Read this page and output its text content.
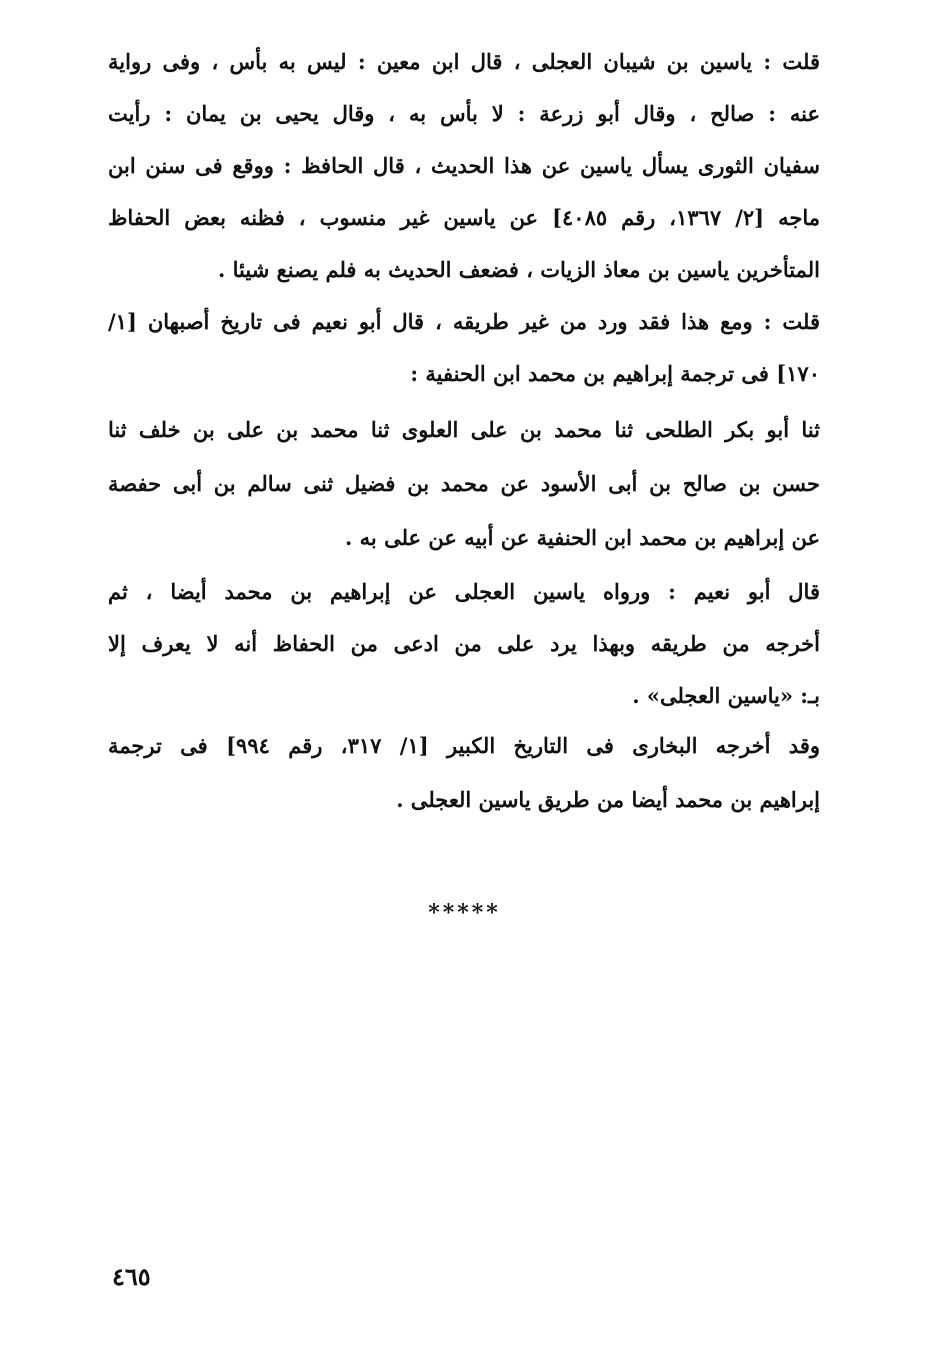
قلت : ياسين بن شيبان العجلى ، قال ابن معين : ليس به بأس ، وفى رواية
عنه : صالح ، وقال أبو زرعة : لا بأس به ، وقال يحيى بن يمان : رأيت
سفيان الثورى يسأل ياسين عن هذا الحديث ، قال الحافظ : ووقع فى سنن ابن
ماجه [٢/ ١٣٦٧، رقم ٤٠٨٥] عن ياسين غير منسوب ، فظنه بعض الحفاظ
المتأخرين ياسين بن معاذ الزيات ، فضعف الحديث به فلم يصنع شيئا .
قلت : ومع هذا فقد ورد من غير طريقه ، قال أبو نعيم فى تاريخ أصبهان [١/
١٧٠] فى ترجمة إبراهيم بن محمد ابن الحنفية :
ثنا أبو بكر الطلحى ثنا محمد بن على العلوى ثنا محمد بن على بن خلف ثنا
حسن بن صالح بن أبى الأسود عن محمد بن فضيل ثنى سالم بن أبى حفصة
عن إبراهيم بن محمد ابن الحنفية عن أبيه عن على به .
قال أبو نعيم : ورواه ياسين العجلى عن إبراهيم بن محمد أيضا ، ثم
أخرجه من طريقه وبهذا يرد على من ادعى من الحفاظ أنه لا يعرف إلا
بـ: «ياسين العجلى» .
وقد أخرجه البخارى فى التاريخ الكبير [١/ ٣١٧، رقم ٩٩٤] فى ترجمة
إبراهيم بن محمد أيضا من طريق ياسين العجلى .
*****
٤٦٥
